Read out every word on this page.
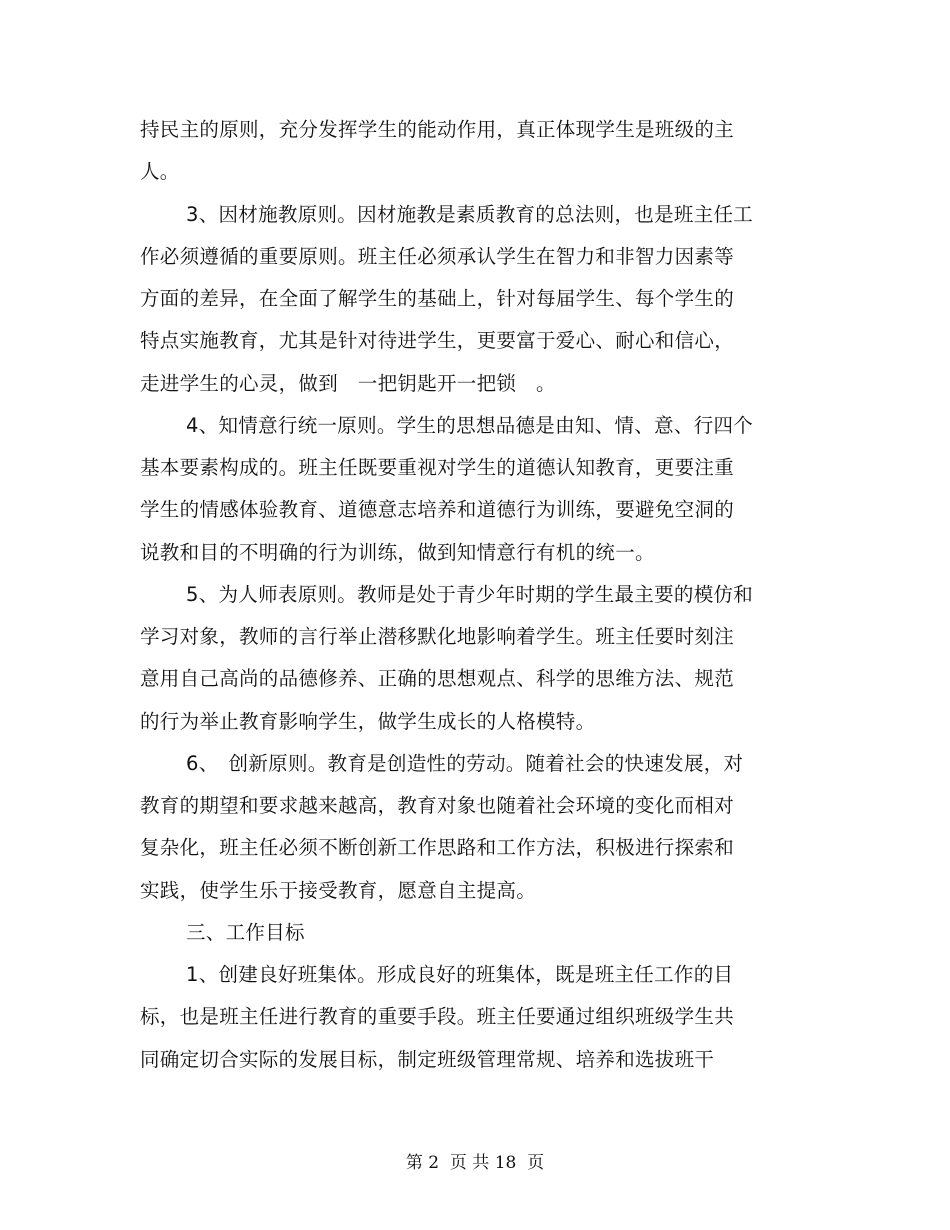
持民主的原则，充分发挥学生的能动作用，真正体现学生是班级的主
人。
3、因材施教原则。因材施教是素质教育的总法则，也是班主任工
作必须遵循的重要原则。班主任必须承认学生在智力和非智力因素等
方面的差异，在全面了解学生的基础上，针对每届学生、每个学生的
特点实施教育，尤其是针对待进学生，更要富于爱心、耐心和信心，
走进学生的心灵，做到　一把钥匙开一把锁　。
4、知情意行统一原则。学生的思想品德是由知、情、意、行四个
基本要素构成的。班主任既要重视对学生的道德认知教育，更要注重
学生的情感体验教育、道德意志培养和道德行为训练，要避免空洞的
说教和目的不明确的行为训练，做到知情意行有机的统一。
5、为人师表原则。教师是处于青少年时期的学生最主要的模仿和
学习对象，教师的言行举止潜移默化地影响着学生。班主任要时刻注
意用自己高尚的品德修养、正确的思想观点、科学的思维方法、规范
的行为举止教育影响学生，做学生成长的人格模特。
6、　创新原则。教育是创造性的劳动。随着社会的快速发展，对
教育的期望和要求越来越高，教育对象也随着社会环境的变化而相对
复杂化，班主任必须不断创新工作思路和工作方法，积极进行探索和
实践，使学生乐于接受教育，愿意自主提高。
三、工作目标
1、创建良好班集体。形成良好的班集体，既是班主任工作的目
标，也是班主任进行教育的重要手段。班主任要通过组织班级学生共
同确定切合实际的发展目标，制定班级管理常规、培养和选拔班干
第 2  页 共 18  页
